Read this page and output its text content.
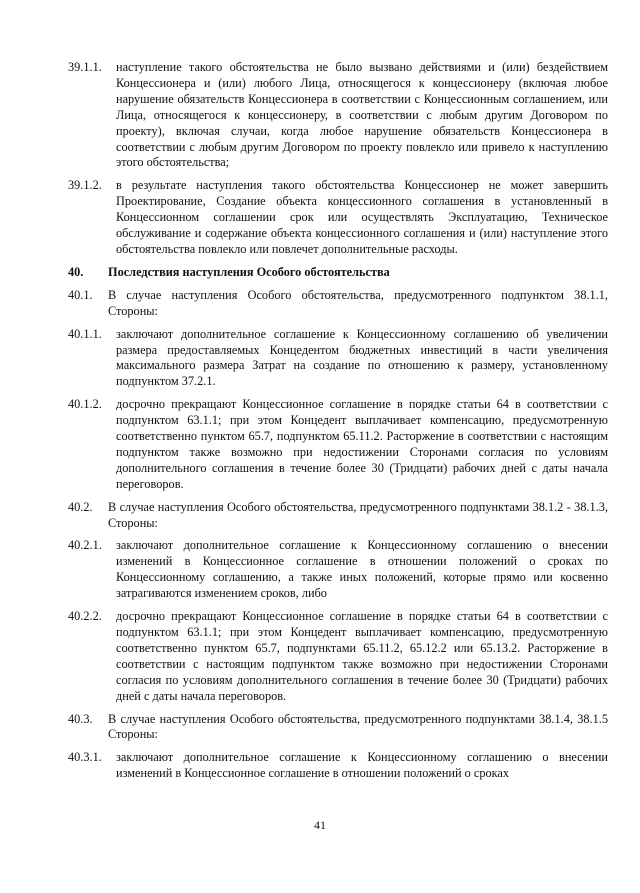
39.1.1.	наступление такого обстоятельства не было вызвано действиями и (или) бездействием Концессионера и (или) любого Лица, относящегося к концессионеру (включая любое нарушение обязательств Концессионера в соответствии с Концессионным соглашением, или Лица, относящегося к концессионеру, в соответствии с любым другим Договором по проекту), включая случаи, когда любое нарушение обязательств Концессионера в соответствии с любым другим Договором по проекту повлекло или привело к наступлению этого обстоятельства;
39.1.2.	в результате наступления такого обстоятельства Концессионер не может завершить Проектирование, Создание объекта концессионного соглашения в установленный в Концессионном соглашении срок или осуществлять Эксплуатацию, Техническое обслуживание и содержание объекта концессионного соглашения и (или) наступление этого обстоятельства повлекло или повлечет дополнительные расходы.
40.	Последствия наступления Особого обстоятельства
40.1.	В случае наступления Особого обстоятельства, предусмотренного подпунктом 38.1.1, Стороны:
40.1.1.	заключают дополнительное соглашение к Концессионному соглашению об увеличении размера предоставляемых Концедентом бюджетных инвестиций в части увеличения максимального размера Затрат на создание по отношению к размеру, установленному подпунктом 37.2.1.
40.1.2.	досрочно прекращают Концессионное соглашение в порядке статьи 64 в соответствии с подпунктом 63.1.1; при этом Концедент выплачивает компенсацию, предусмотренную соответственно пунктом 65.7, подпунктом 65.11.2. Расторжение в соответствии с настоящим подпунктом также возможно при недостижении Сторонами согласия по условиям дополнительного соглашения в течение более 30 (Тридцати) рабочих дней с даты начала переговоров.
40.2.	В случае наступления Особого обстоятельства, предусмотренного подпунктами 38.1.2 - 38.1.3, Стороны:
40.2.1.	заключают дополнительное соглашение к Концессионному соглашению о внесении изменений в Концессионное соглашение в отношении положений о сроках по Концессионному соглашению, а также иных положений, которые прямо или косвенно затрагиваются изменением сроков, либо
40.2.2.	досрочно прекращают Концессионное соглашение в порядке статьи 64 в соответствии с подпунктом 63.1.1; при этом Концедент выплачивает компенсацию, предусмотренную соответственно пунктом 65.7, подпунктами 65.11.2, 65.12.2 или 65.13.2. Расторжение в соответствии с настоящим подпунктом также возможно при недостижении Сторонами согласия по условиям дополнительного соглашения в течение более 30 (Тридцати) рабочих дней с даты начала переговоров.
40.3.	В случае наступления Особого обстоятельства, предусмотренного подпунктами 38.1.4, 38.1.5 Стороны:
40.3.1.	заключают дополнительное соглашение к Концессионному соглашению о внесении изменений в Концессионное соглашение в отношении положений о сроках
41
